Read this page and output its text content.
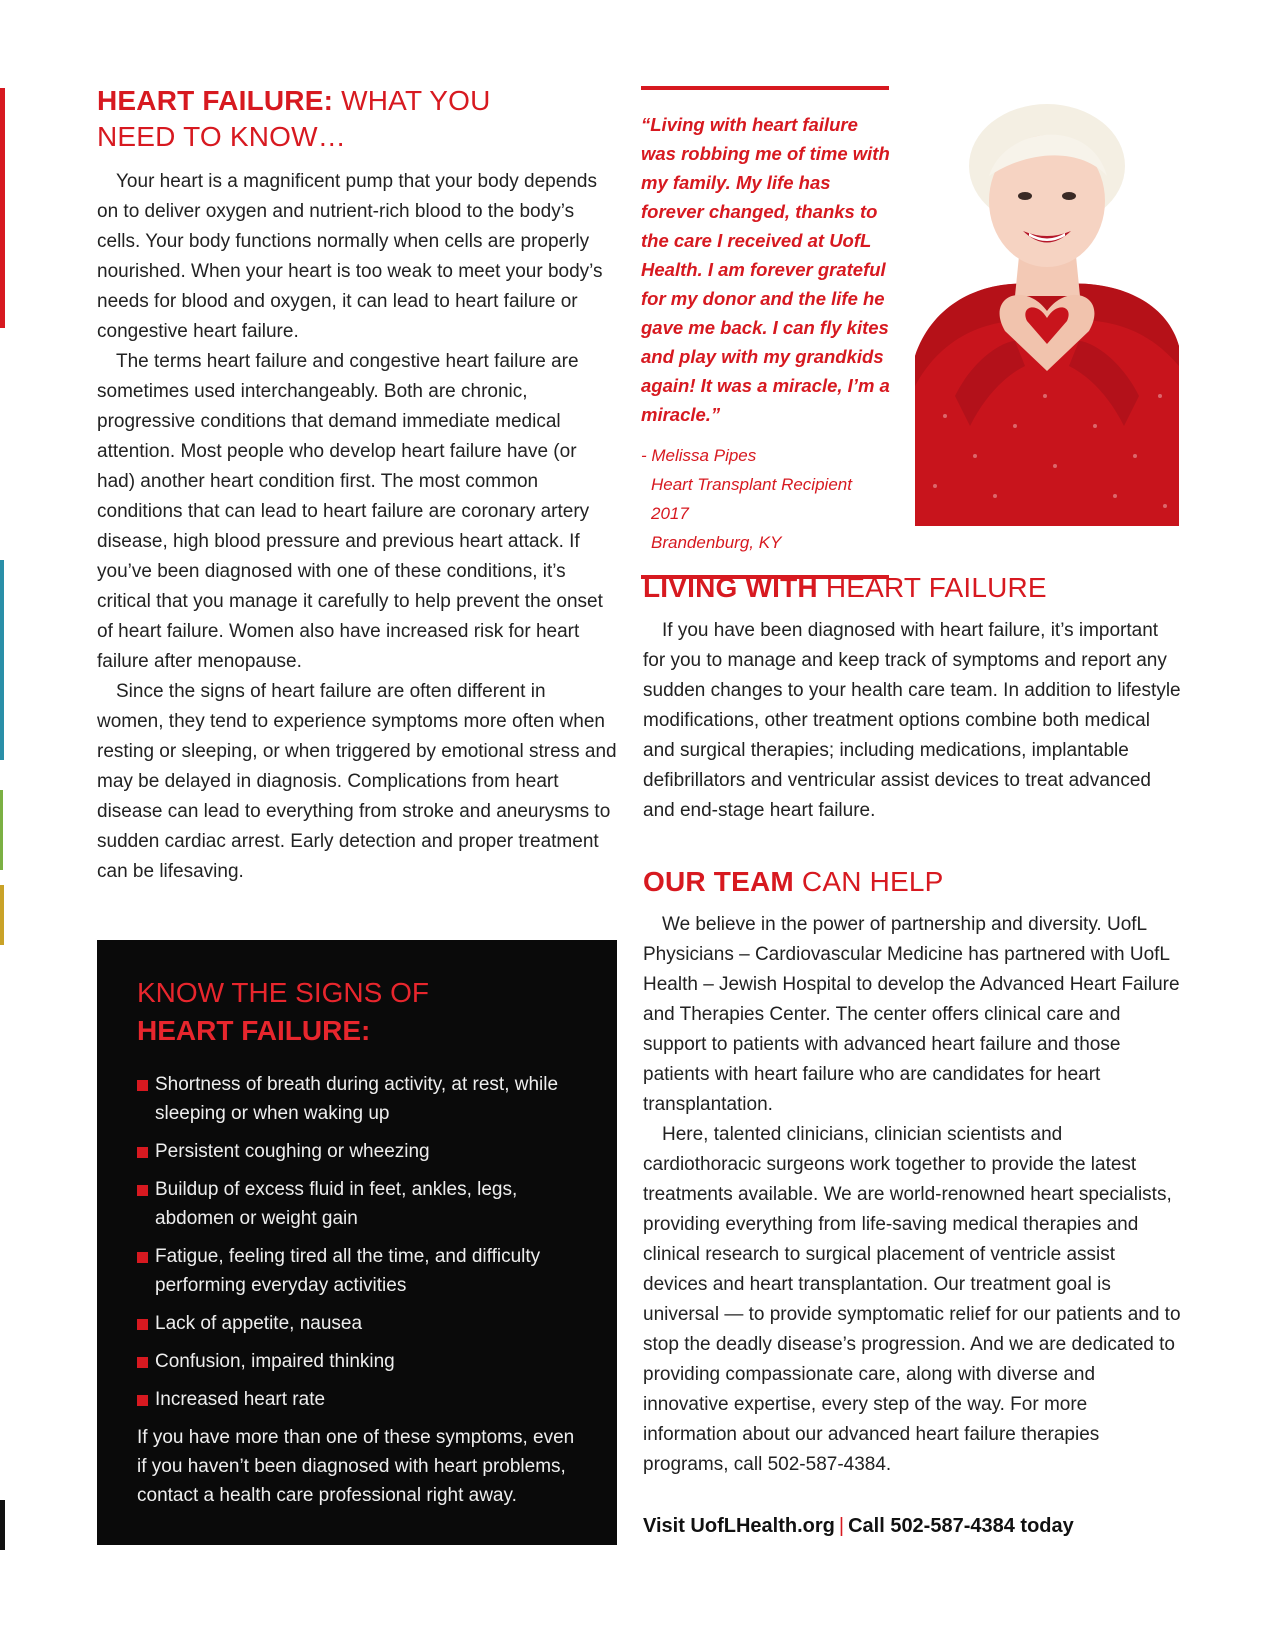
HEART FAILURE: WHAT YOU NEED TO KNOW…

Your heart is a magnificent pump that your body depends on to deliver oxygen and nutrient-rich blood to the body’s cells. Your body functions normally when cells are properly nourished. When your heart is too weak to meet your body’s needs for blood and oxygen, it can lead to heart failure or congestive heart failure.

The terms heart failure and congestive heart failure are sometimes used interchangeably. Both are chronic, progressive conditions that demand immediate medical attention. Most people who develop heart failure have (or had) another heart condition first. The most common conditions that can lead to heart failure are coronary artery disease, high blood pressure and previous heart attack. If you’ve been diagnosed with one of these conditions, it’s critical that you manage it carefully to help prevent the onset of heart failure. Women also have increased risk for heart failure after menopause.

Since the signs of heart failure are often different in women, they tend to experience symptoms more often when resting or sleeping, or when triggered by emotional stress and may be delayed in diagnosis. Complications from heart disease can lead to everything from stroke and aneurysms to sudden cardiac arrest. Early detection and proper treatment can be lifesaving.

KNOW THE SIGNS OF
HEART FAILURE:
Shortness of breath during activity, at rest, while sleeping or when waking up
Persistent coughing or wheezing
Buildup of excess fluid in feet, ankles, legs, abdomen or weight gain
Fatigue, feeling tired all the time, and difficulty performing everyday activities
Lack of appetite, nausea
Confusion, impaired thinking
Increased heart rate

If you have more than one of these symptoms, even if you haven’t been diagnosed with heart problems, contact a health care professional right away.

“Living with heart failure was robbing me of time with my family. My life has forever changed, thanks to the care I received at UofL Health. I am forever grateful for my donor and the life he gave me back. I can fly kites and play with my grandkids again! It was a miracle, I’m a miracle.”

- Melissa Pipes
Heart Transplant Recipient 2017
Brandenburg, KY
LIVING WITH HEART FAILURE

If you have been diagnosed with heart failure, it’s important for you to manage and keep track of symptoms and report any sudden changes to your health care team. In addition to lifestyle modifications, other treatment options combine both medical and surgical therapies; including medications, implantable defibrillators and ventricular assist devices to treat advanced and end-stage heart failure.

OUR TEAM CAN HELP

We believe in the power of partnership and diversity. UofL Physicians – Cardiovascular Medicine has partnered with UofL Health – Jewish Hospital to develop the Advanced Heart Failure and Therapies Center. The center offers clinical care and support to patients with advanced heart failure and those patients with heart failure who are candidates for heart transplantation.

Here, talented clinicians, clinician scientists and cardiothoracic surgeons work together to provide the latest treatments available. We are world-renowned heart specialists, providing everything from life-saving medical therapies and clinical research to surgical placement of ventricle assist devices and heart transplantation. Our treatment goal is universal — to provide symptomatic relief for our patients and to stop the deadly disease’s progression. And we are dedicated to providing compassionate care, along with diverse and innovative expertise, every step of the way. For more information about our advanced heart failure therapies programs, call 502-587-4384.

Visit UofLHealth.org | Call 502-587-4384 today
